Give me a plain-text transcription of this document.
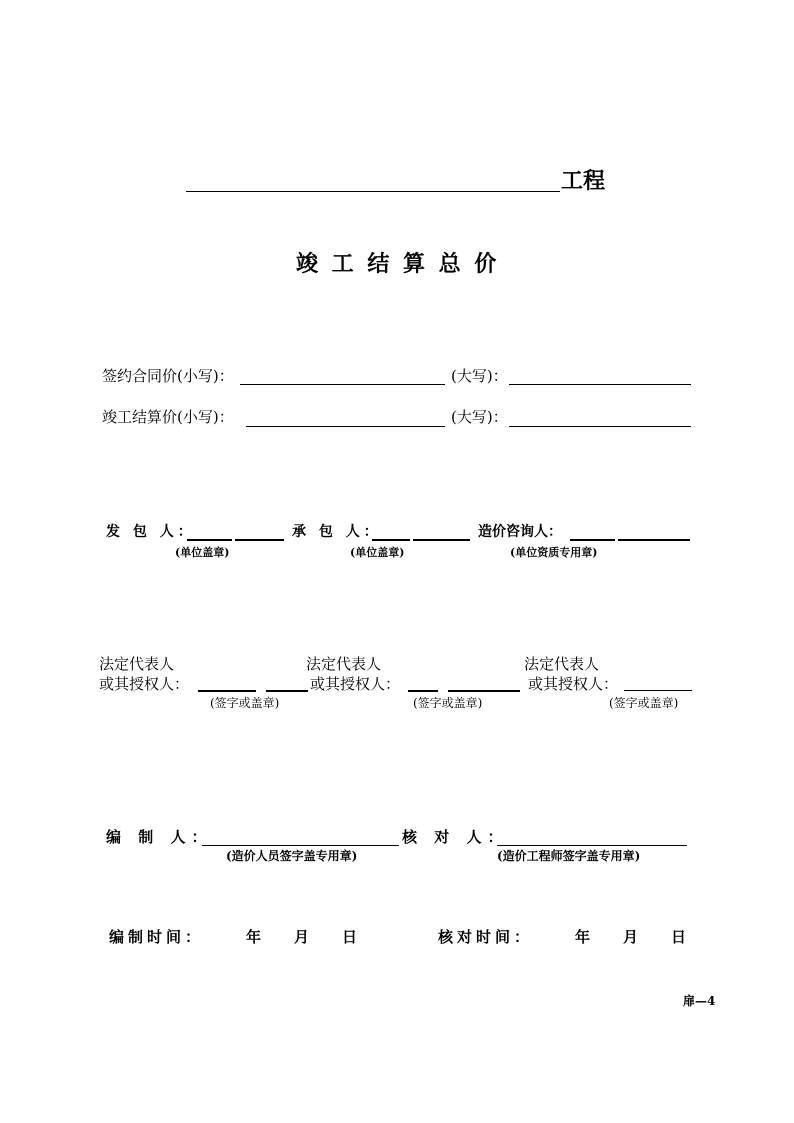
工程
竣 工 结 算 总 价
签约合同价(小写)：	(大写)：
竣工结算价(小写)：	(大写)：
发 包 人：
(单位盖章)
承 包 人：
(单位盖章)
造价咨询人：
(单位资质专用章)
法定代表人
或其授权人：
(签字或盖章)
法定代表人
或其授权人：
(签字或盖章)
法定代表人
或其授权人：
(签字或盖章)
编 制 人：
(造价人员签字盖专用章)
核 对 人：
(造价工程师签字盖专用章)
编制时间：	年 月 日	核对时间：	年 月 日
扉—4
